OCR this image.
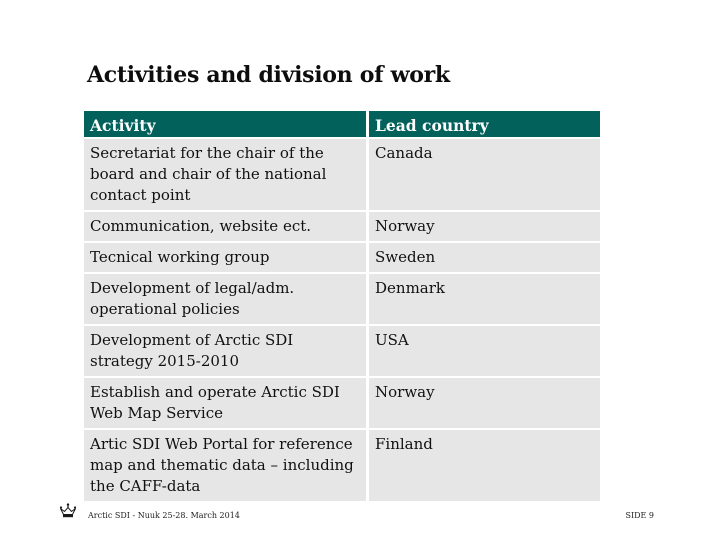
Activities and division of work
Activity	Lead country
Secretariat for the chair of the board and chair of the national contact point	Canada
Communication, website ect.	Norway
Tecnical working group	Sweden
Development of legal/adm. operational policies	Denmark
Development of Arctic SDI strategy 2015-2010	USA
Establish and operate Arctic SDI Web Map Service	Norway
Artic SDI Web Portal for reference map and thematic data – including the CAFF-data	Finland
Arctic SDI - Nuuk 25-28. March 2014	SIDE 9
